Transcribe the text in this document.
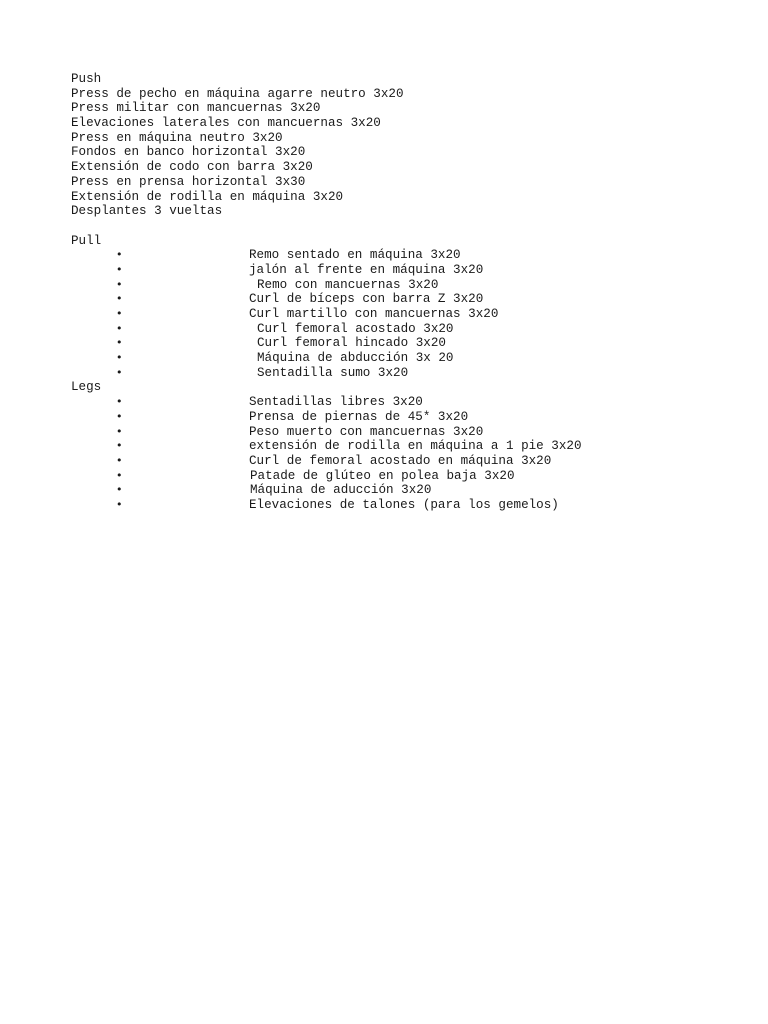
Push
Press de pecho en máquina agarre neutro 3x20
Press militar con mancuernas 3x20
Elevaciones laterales con mancuernas 3x20
Press en máquina neutro 3x20
Fondos en banco horizontal 3x20
Extensión de codo con barra 3x20
Press en prensa horizontal 3x30
Extensión de rodilla en máquina 3x20
Desplantes 3 vueltas
Pull

•

	Remo sentado en máquina 3x20

•

	jalón al frente en máquina 3x20

•

	Remo con mancuernas 3x20

•

	Curl de bíceps con barra Z 3x20

•

	Curl martillo con mancuernas 3x20

•

	Curl femoral acostado 3x20

•

	Curl femoral hincado 3x20

•

	Máquina de abducción 3x 20

•

	Sentadilla sumo 3x20

Legs

•

	Sentadillas libres 3x20

•

	Prensa de piernas de 45* 3x20

•

	Peso muerto con mancuernas 3x20

•

	extensión de rodilla en máquina a 1 pie 3x20

•

	Curl de femoral acostado en máquina 3x20

•

	Patade de glúteo en polea baja 3x20

•

	Máquina de aducción 3x20

•

	Elevaciones de talones (para los gemelos)
